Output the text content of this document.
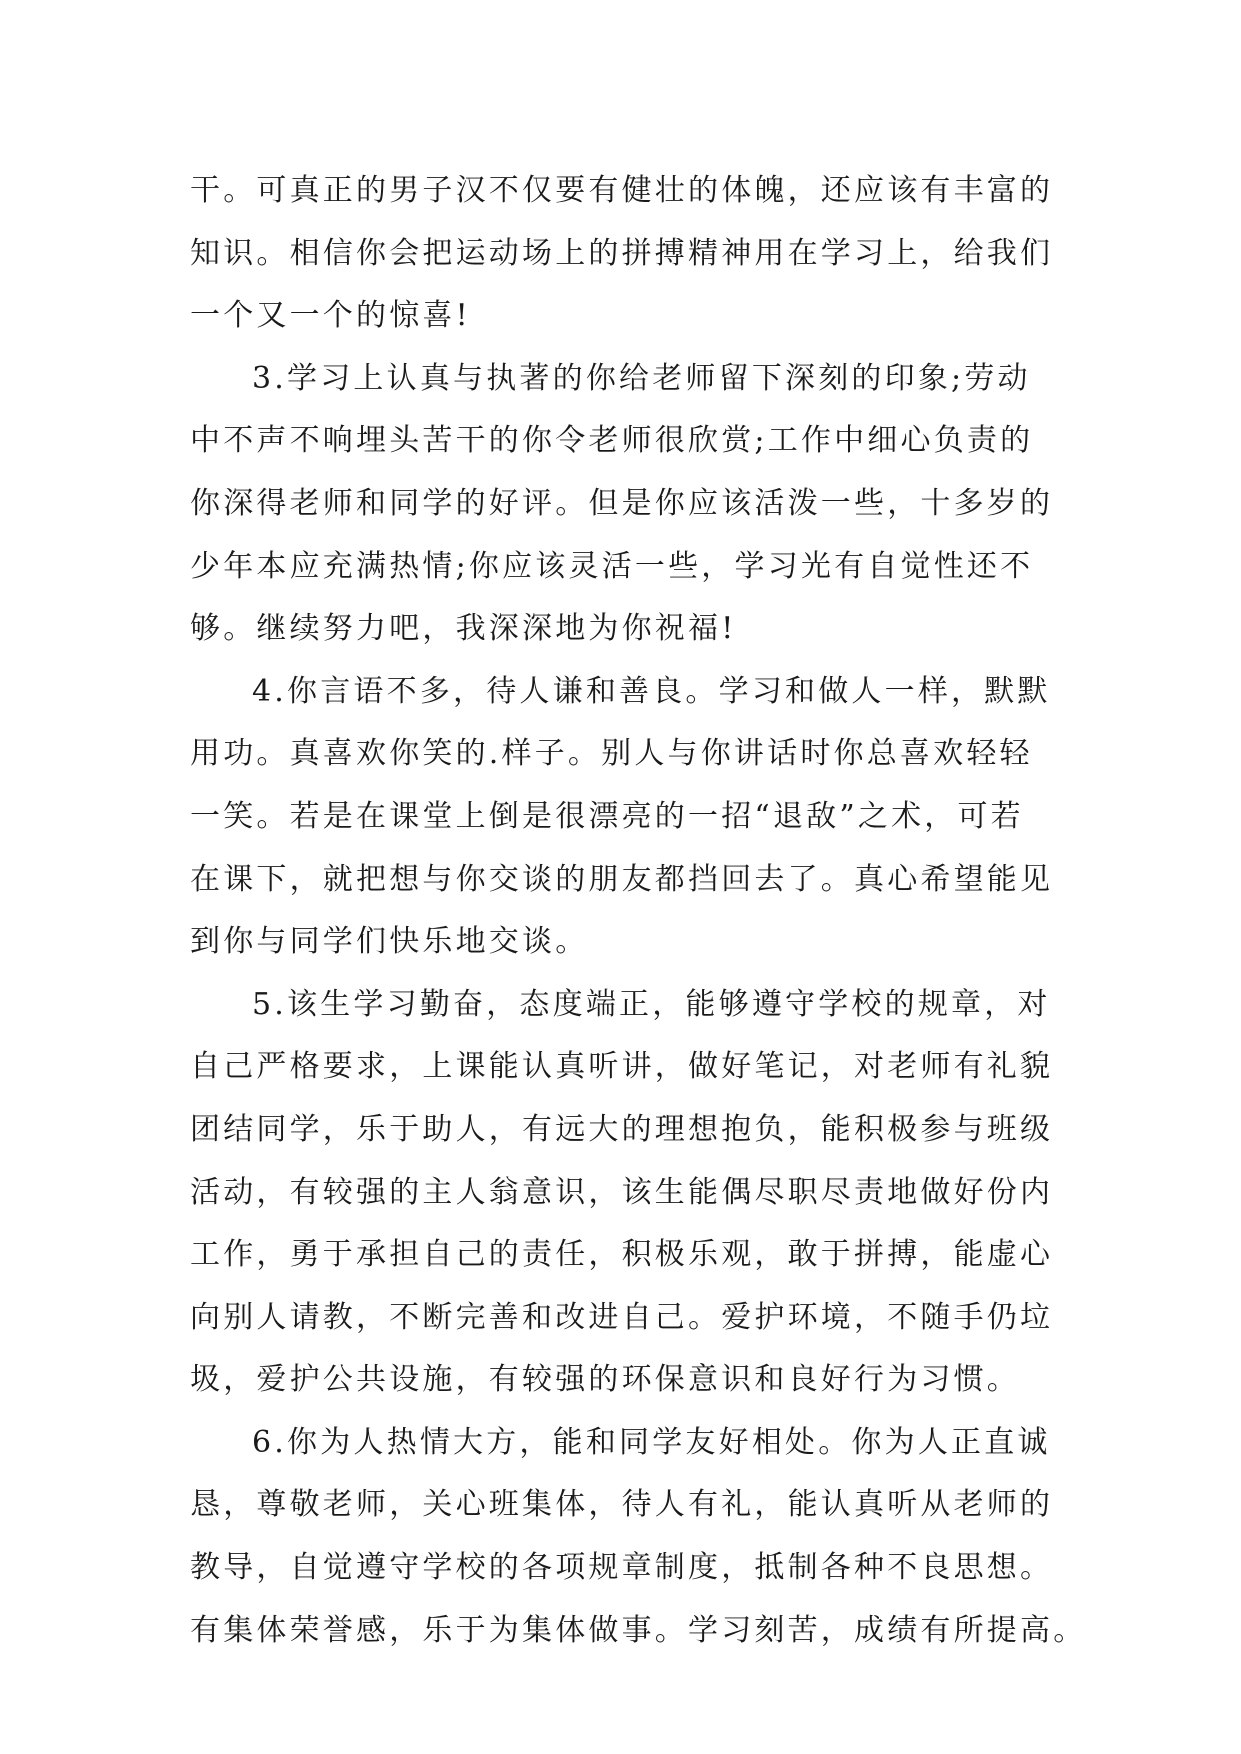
干。可真正的男子汉不仅要有健壮的体魄，还应该有丰富的
知识。相信你会把运动场上的拼搏精神用在学习上，给我们
一个又一个的惊喜!
3.学习上认真与执著的你给老师留下深刻的印象;劳动
中不声不响埋头苦干的你令老师很欣赏;工作中细心负责的
你深得老师和同学的好评。但是你应该活泼一些，十多岁的
少年本应充满热情;你应该灵活一些，学习光有自觉性还不
够。继续努力吧，我深深地为你祝福!
4.你言语不多，待人谦和善良。学习和做人一样，默默
用功。真喜欢你笑的.样子。别人与你讲话时你总喜欢轻轻
一笑。若是在课堂上倒是很漂亮的一招“退敌”之术，可若
在课下，就把想与你交谈的朋友都挡回去了。真心希望能见
到你与同学们快乐地交谈。
5.该生学习勤奋，态度端正，能够遵守学校的规章，对
自己严格要求，上课能认真听讲，做好笔记，对老师有礼貌
团结同学，乐于助人，有远大的理想抱负，能积极参与班级
活动，有较强的主人翁意识，该生能偶尽职尽责地做好份内
工作，勇于承担自己的责任，积极乐观，敢于拼搏，能虚心
向别人请教，不断完善和改进自己。爱护环境，不随手仍垃
圾，爱护公共设施，有较强的环保意识和良好行为习惯。
6.你为人热情大方，能和同学友好相处。你为人正直诚
恳，尊敬老师，关心班集体，待人有礼，能认真听从老师的
教导，自觉遵守学校的各项规章制度，抵制各种不良思想。
有集体荣誉感，乐于为集体做事。学习刻苦，成绩有所提高。
